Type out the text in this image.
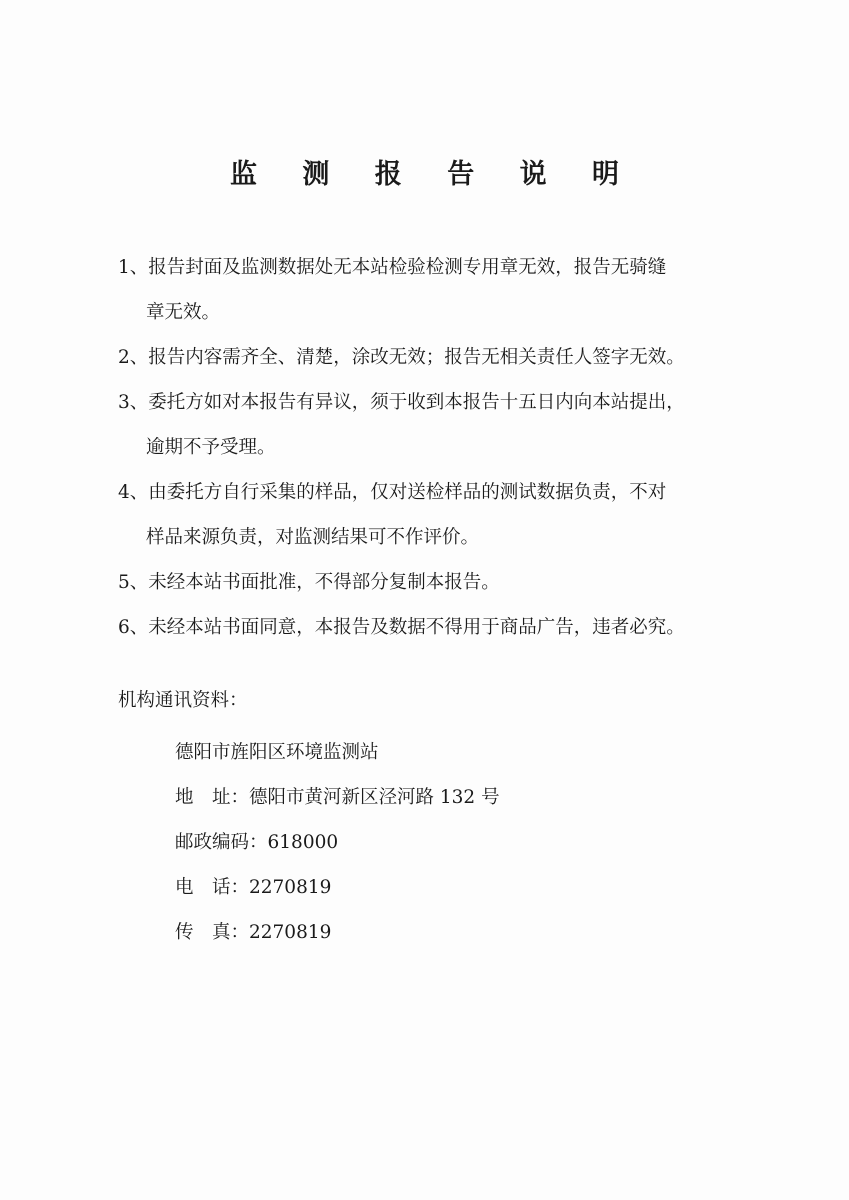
监 测 报 告 说 明
1、报告封面及监测数据处无本站检验检测专用章无效，报告无骑缝
章无效。
2、报告内容需齐全、清楚，涂改无效；报告无相关责任人签字无效。
3、委托方如对本报告有异议，须于收到本报告十五日内向本站提出，
逾期不予受理。
4、由委托方自行采集的样品，仅对送检样品的测试数据负责，不对
样品来源负责，对监测结果可不作评价。
5、未经本站书面批准，不得部分复制本报告。
6、未经本站书面同意，本报告及数据不得用于商品广告，违者必究。
机构通讯资料：
德阳市旌阳区环境监测站
地 址： 德阳市黄河新区泾河路 132 号
邮政编码：618000
电 话： 2270819
传 真： 2270819
